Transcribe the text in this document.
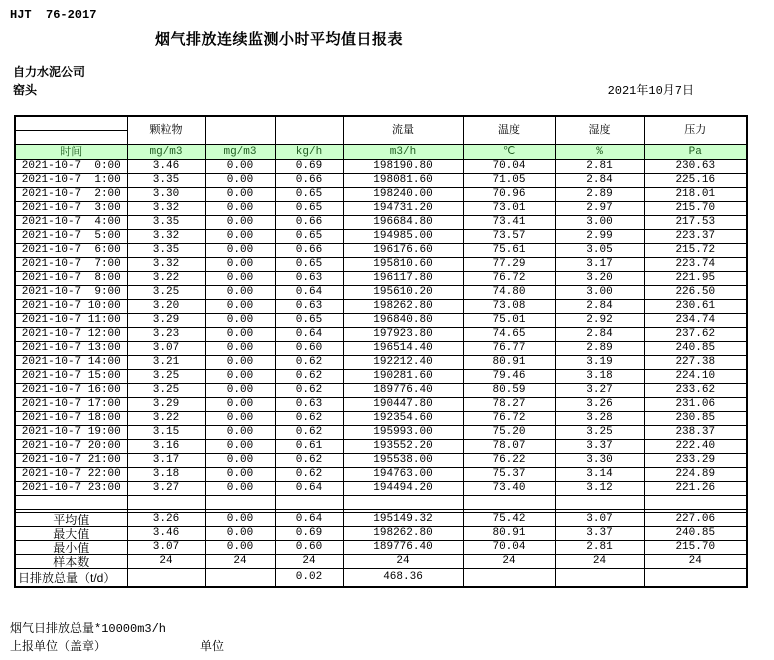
HJT  76-2017
烟气排放连续监测小时平均值日报表
自力水泥公司
窑头	2021年10月7日
	颗粒物			流量	温度	湿度	压力

时间	mg/m3	mg/m3	kg/h	m3/h	℃	%	Pa
2021-10-7  0:00	3.46	0.00	0.69	198190.80	70.04	2.81	230.63
2021-10-7  1:00	3.35	0.00	0.66	198081.60	71.05	2.84	225.16
2021-10-7  2:00	3.30	0.00	0.65	198240.00	70.96	2.89	218.01
2021-10-7  3:00	3.32	0.00	0.65	194731.20	73.01	2.97	215.70
2021-10-7  4:00	3.35	0.00	0.66	196684.80	73.41	3.00	217.53
2021-10-7  5:00	3.32	0.00	0.65	194985.00	73.57	2.99	223.37
2021-10-7  6:00	3.35	0.00	0.66	196176.60	75.61	3.05	215.72
2021-10-7  7:00	3.32	0.00	0.65	195810.60	77.29	3.17	223.74
2021-10-7  8:00	3.22	0.00	0.63	196117.80	76.72	3.20	221.95
2021-10-7  9:00	3.25	0.00	0.64	195610.20	74.80	3.00	226.50
2021-10-7 10:00	3.20	0.00	0.63	198262.80	73.08	2.84	230.61
2021-10-7 11:00	3.29	0.00	0.65	196840.80	75.01	2.92	234.74
2021-10-7 12:00	3.23	0.00	0.64	197923.80	74.65	2.84	237.62
2021-10-7 13:00	3.07	0.00	0.60	196514.40	76.77	2.89	240.85
2021-10-7 14:00	3.21	0.00	0.62	192212.40	80.91	3.19	227.38
2021-10-7 15:00	3.25	0.00	0.62	190281.60	79.46	3.18	224.10
2021-10-7 16:00	3.25	0.00	0.62	189776.40	80.59	3.27	233.62
2021-10-7 17:00	3.29	0.00	0.63	190447.80	78.27	3.26	231.06
2021-10-7 18:00	3.22	0.00	0.62	192354.60	76.72	3.28	230.85
2021-10-7 19:00	3.15	0.00	0.62	195993.00	75.20	3.25	238.37
2021-10-7 20:00	3.16	0.00	0.61	193552.20	78.07	3.37	222.40
2021-10-7 21:00	3.17	0.00	0.62	195538.00	76.22	3.30	233.29
2021-10-7 22:00	3.18	0.00	0.62	194763.00	75.37	3.14	224.89
2021-10-7 23:00	3.27	0.00	0.64	194494.20	73.40	3.12	221.26

平均值	3.26	0.00	0.64	195149.32	75.42	3.07	227.06
最大值	3.46	0.00	0.69	198262.80	80.91	3.37	240.85
最小值	3.07	0.00	0.60	189776.40	70.04	2.81	215.70
样本数	24	24	24	24	24	24	24
日排放总量（t/d）			0.02	468.36			
烟气日排放总量*10000m3/h
上报单位（盖章）	单位
